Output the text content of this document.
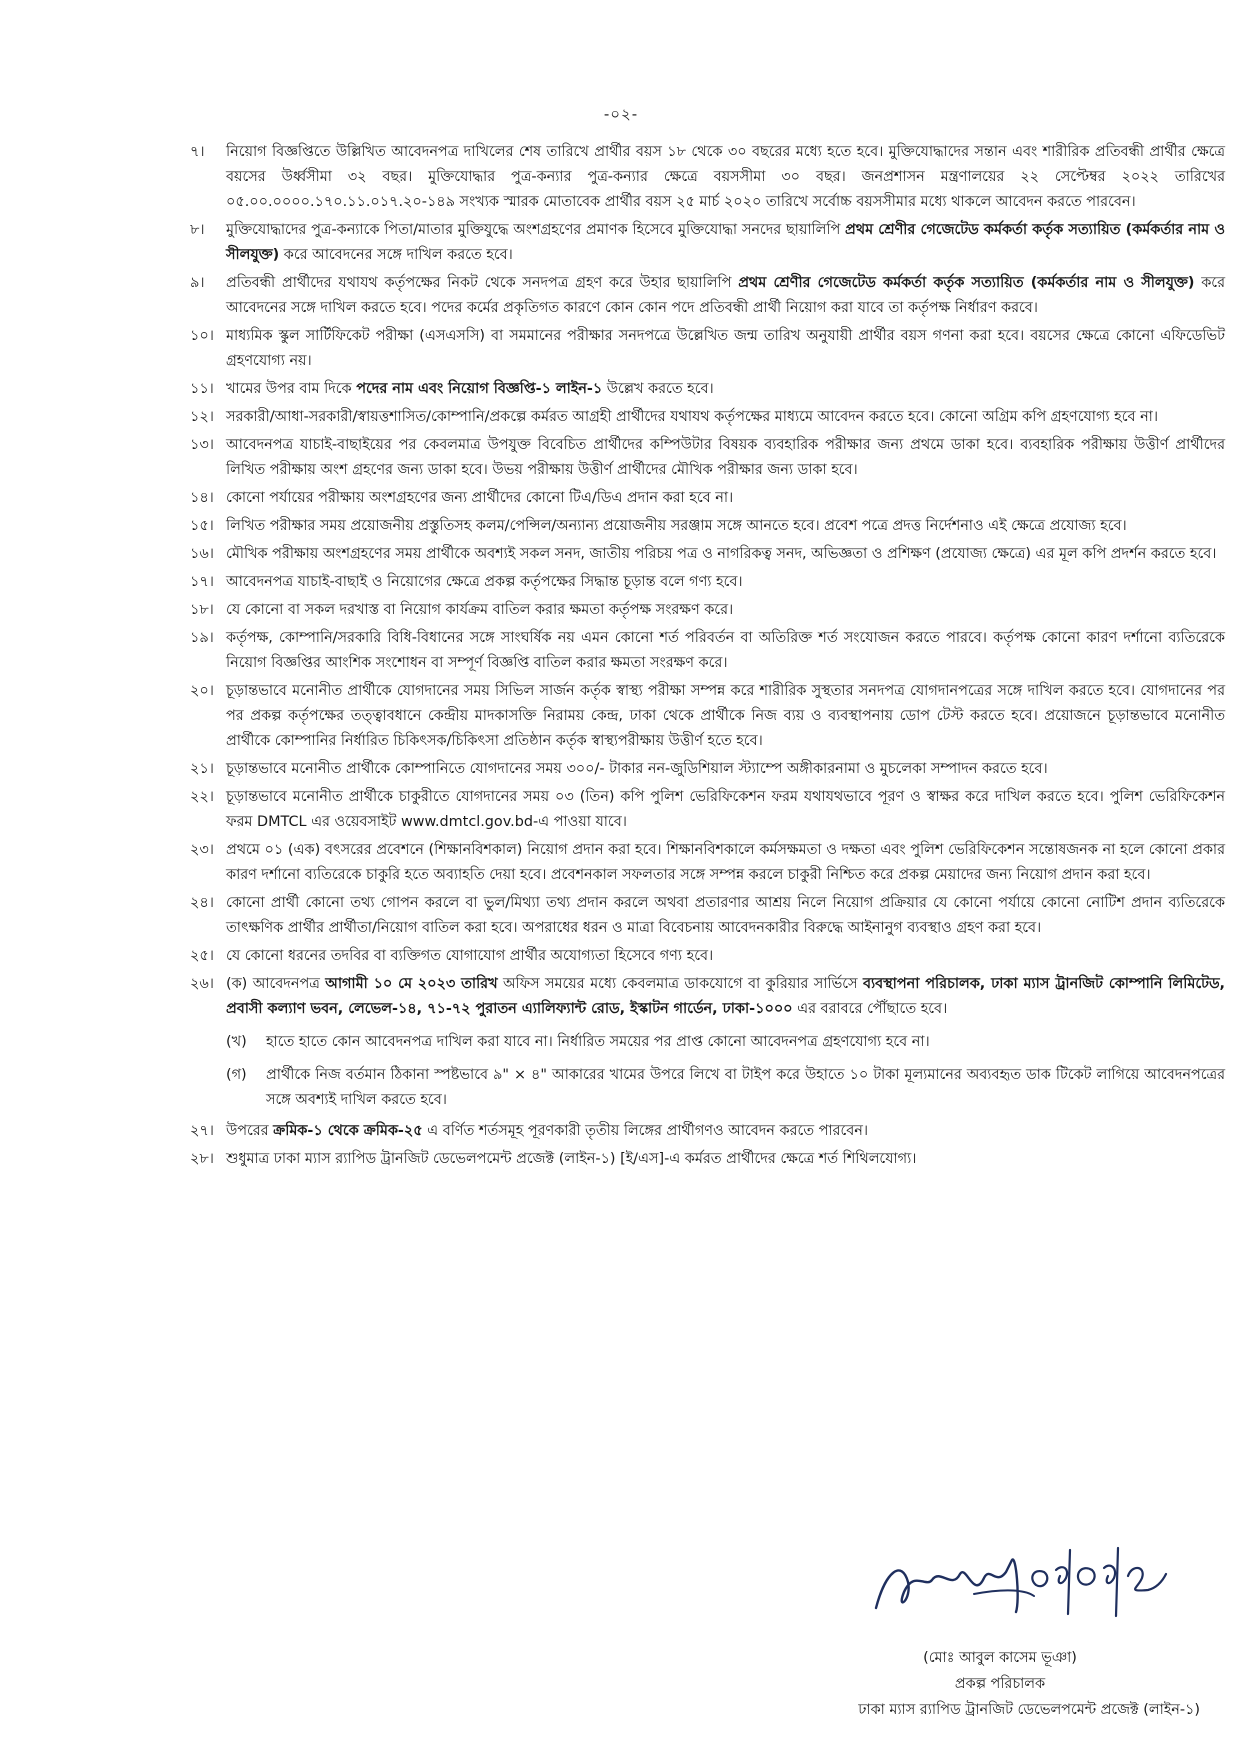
-০২-
৭।	নিয়োগ বিজ্ঞপ্তিতে উল্লিখিত আবেদনপত্র দাখিলের শেষ তারিখে প্রার্থীর বয়স ১৮ থেকে ৩০ বছরের মধ্যে হতে হবে। মুক্তিযোদ্ধাদের সন্তান এবং শারীরিক প্রতিবন্ধী প্রার্থীর ক্ষেত্রে বয়সের উর্ধ্বসীমা ৩২ বছর। মুক্তিযোদ্ধার পুত্র-কন্যার পুত্র-কন্যার ক্ষেত্রে বয়সসীমা ৩০ বছর। জনপ্রশাসন মন্ত্রণালয়ের ২২ সেপ্টেম্বর ২০২২ তারিখের ০৫.০০.০০০০.১৭০.১১.০১৭.২০-১৪৯ সংখ্যক স্মারক মোতাবেক প্রার্থীর বয়স ২৫ মার্চ ২০২০ তারিখে সর্বোচ্চ বয়সসীমার মধ্যে থাকলে আবেদন করতে পারবেন।
৮।	মুক্তিযোদ্ধাদের পুত্র-কন্যাকে পিতা/মাতার মুক্তিযুদ্ধে অংশগ্রহণের প্রমাণক হিসেবে মুক্তিযোদ্ধা সনদের ছায়ালিপি প্রথম শ্রেণীর গেজেটেড কর্মকর্তা কর্তৃক সত্যায়িত (কর্মকর্তার নাম ও সীলযুক্ত) করে আবেদনের সঙ্গে দাখিল করতে হবে।
৯।	প্রতিবন্ধী প্রার্থীদের যথাযথ কর্তৃপক্ষের নিকট থেকে সনদপত্র গ্রহণ করে উহার ছায়ালিপি প্রথম শ্রেণীর গেজেটেড কর্মকর্তা কর্তৃক সত্যায়িত (কর্মকর্তার নাম ও সীলযুক্ত) করে আবেদনের সঙ্গে দাখিল করতে হবে। পদের কর্মের প্রকৃতিগত কারণে কোন কোন পদে প্রতিবন্ধী প্রার্থী নিয়োগ করা যাবে তা কর্তৃপক্ষ নির্ধারণ করবে।
১০। মাধ্যমিক স্কুল সার্টিফিকেট পরীক্ষা (এসএসসি) বা সমমানের পরীক্ষার সনদপত্রে উল্লেখিত জন্ম তারিখ অনুযায়ী প্রার্থীর বয়স গণনা করা হবে। বয়সের ক্ষেত্রে কোনো এফিডেভিট গ্রহণযোগ্য নয়।
১১। খামের উপর বাম দিকে পদের নাম এবং নিয়োগ বিজ্ঞপ্তি-১ লাইন-১ উল্লেখ করতে হবে।
১২। সরকারী/আধা-সরকারী/স্বায়ত্তশাসিত/কোম্পানি/প্রকল্পে কর্মরত আগ্রহী প্রার্থীদের যথাযথ কর্তৃপক্ষের মাধ্যমে আবেদন করতে হবে। কোনো অগ্রিম কপি গ্রহণযোগ্য হবে না।
১৩। আবেদনপত্র যাচাই-বাছাইয়ের পর কেবলমাত্র উপযুক্ত বিবেচিত প্রার্থীদের কম্পিউটার বিষয়ক ব্যবহারিক পরীক্ষার জন্য প্রথমে ডাকা হবে। ব্যবহারিক পরীক্ষায় উত্তীর্ণ প্রার্থীদের লিখিত পরীক্ষায় অংশ গ্রহণের জন্য ডাকা হবে। উভয় পরীক্ষায় উত্তীর্ণ প্রার্থীদের মৌখিক পরীক্ষার জন্য ডাকা হবে।
১৪। কোনো পর্যায়ের পরীক্ষায় অংশগ্রহণের জন্য প্রার্থীদের কোনো টিএ/ডিএ প্রদান করা হবে না।
১৫। লিখিত পরীক্ষার সময় প্রয়োজনীয় প্রস্তুতিসহ কলম/পেন্সিল/অন্যান্য প্রয়োজনীয় সরঞ্জাম সঙ্গে আনতে হবে। প্রবেশ পত্রে প্রদত্ত নির্দেশনাও এই ক্ষেত্রে প্রযোজ্য হবে।
১৬। মৌখিক পরীক্ষায় অংশগ্রহণের সময় প্রার্থীকে অবশ্যই সকল সনদ, জাতীয় পরিচয় পত্র ও নাগরিকত্ব সনদ, অভিজ্ঞতা ও প্রশিক্ষণ (প্রযোজ্য ক্ষেত্রে) এর মূল কপি প্রদর্শন করতে হবে।
১৭। আবেদনপত্র যাচাই-বাছাই ও নিয়োগের ক্ষেত্রে প্রকল্প কর্তৃপক্ষের সিদ্ধান্ত চূড়ান্ত বলে গণ্য হবে।
১৮। যে কোনো বা সকল দরখাস্ত বা নিয়োগ কার্যক্রম বাতিল করার ক্ষমতা কর্তৃপক্ষ সংরক্ষণ করে।
১৯। কর্তৃপক্ষ, কোম্পানি/সরকারি বিধি-বিধানের সঙ্গে সাংঘর্ষিক নয় এমন কোনো শর্ত পরিবর্তন বা অতিরিক্ত শর্ত সংযোজন করতে পারবে। কর্তৃপক্ষ কোনো কারণ দর্শানো ব্যতিরেকে নিয়োগ বিজ্ঞপ্তির আংশিক সংশোধন বা সম্পূর্ণ বিজ্ঞপ্তি বাতিল করার ক্ষমতা সংরক্ষণ করে।
২০। চূড়ান্তভাবে মনোনীত প্রার্থীকে যোগদানের সময় সিভিল সার্জন কর্তৃক স্বাস্থ্য পরীক্ষা সম্পন্ন করে শারীরিক সুস্থতার সনদপত্র যোগদানপত্রের সঙ্গে দাখিল করতে হবে। যোগদানের পর পর প্রকল্প কর্তৃপক্ষের তত্ত্বাবধানে কেন্দ্রীয় মাদকাসক্তি নিরাময় কেন্দ্র, ঢাকা থেকে প্রার্থীকে নিজ ব্যয় ও ব্যবস্থাপনায় ডোপ টেস্ট করতে হবে। প্রয়োজনে চূড়ান্তভাবে মনোনীত প্রার্থীকে কোম্পানির নির্ধারিত চিকিৎসক/চিকিৎসা প্রতিষ্ঠান কর্তৃক স্বাস্থ্যপরীক্ষায় উত্তীর্ণ হতে হবে।
২১। চূড়ান্তভাবে মনোনীত প্রার্থীকে কোম্পানিতে যোগদানের সময় ৩০০/- টাকার নন-জুডিশিয়াল স্ট্যাম্পে অঙ্গীকারনামা ও মুচলেকা সম্পাদন করতে হবে।
২২। চূড়ান্তভাবে মনোনীত প্রার্থীকে চাকুরীতে যোগদানের সময় ০৩ (তিন) কপি পুলিশ ভেরিফিকেশন ফরম যথাযথভাবে পূরণ ও স্বাক্ষর করে দাখিল করতে হবে। পুলিশ ভেরিফিকেশন ফরম DMTCL এর ওয়েবসাইট www.dmtcl.gov.bd-এ পাওয়া যাবে।
২৩। প্রথমে ০১ (এক) বৎসরের প্রবেশনে (শিক্ষানবিশকাল) নিয়োগ প্রদান করা হবে। শিক্ষানবিশকালে কর্মসক্ষমতা ও দক্ষতা এবং পুলিশ ভেরিফিকেশন সন্তোষজনক না হলে কোনো প্রকার কারণ দর্শানো ব্যতিরেকে চাকুরি হতে অব্যাহতি দেয়া হবে। প্রবেশনকাল সফলতার সঙ্গে সম্পন্ন করলে চাকুরী নিশ্চিত করে প্রকল্প মেয়াদের জন্য নিয়োগ প্রদান করা হবে।
২৪। কোনো প্রার্থী কোনো তথ্য গোপন করলে বা ভুল/মিথ্যা তথ্য প্রদান করলে অথবা প্রতারণার আশ্রয় নিলে নিয়োগ প্রক্রিয়ার যে কোনো পর্যায়ে কোনো নোটিশ প্রদান ব্যতিরেকে তাৎক্ষণিক প্রার্থীর প্রার্থীতা/নিয়োগ বাতিল করা হবে। অপরাধের ধরন ও মাত্রা বিবেচনায় আবেদনকারীর বিরুদ্ধে আইনানুগ ব্যবস্থাও গ্রহণ করা হবে।
২৫। যে কোনো ধরনের তদবির বা ব্যক্তিগত যোগাযোগ প্রার্থীর অযোগ্যতা হিসেবে গণ্য হবে।
২৬। (ক) আবেদনপত্র আগামী ১০ মে ২০২৩ তারিখ অফিস সময়ের মধ্যে কেবলমাত্র ডাকযোগে বা কুরিয়ার সার্ভিসে ব্যবস্থাপনা পরিচালক, ঢাকা ম্যাস ট্রানজিট কোম্পানি লিমিটেড, প্রবাসী কল্যাণ ভবন, লেভেল-১৪, ৭১-৭২ পুরাতন এ্যালিফ্যান্ট রোড, ইস্কাটন গার্ডেন, ঢাকা-১০০০ এর বরাবরে পৌঁছাতে হবে।
(খ)	হাতে হাতে কোন আবেদনপত্র দাখিল করা যাবে না। নির্ধারিত সময়ের পর প্রাপ্ত কোনো আবেদনপত্র গ্রহণযোগ্য হবে না।
(গ)	প্রার্থীকে নিজ বর্তমান ঠিকানা স্পষ্টভাবে ৯" × ৪" আকারের খামের উপরে লিখে বা টাইপ করে উহাতে ১০ টাকা মূল্যমানের অব্যবহৃত ডাক টিকেট লাগিয়ে আবেদনপত্রের সঙ্গে অবশ্যই দাখিল করতে হবে।
২৭। উপরের ক্রমিক-১ থেকে ক্রমিক-২৫ এ বর্ণিত শর্তসমূহ পূরণকারী তৃতীয় লিঙ্গের প্রার্থীগণও আবেদন করতে পারবেন।
২৮। শুধুমাত্র ঢাকা ম্যাস র‍্যাপিড ট্রানজিট ডেভেলপমেন্ট প্রজেক্ট (লাইন-১) [ই/এস]-এ কর্মরত প্রার্থীদের ক্ষেত্রে শর্ত শিথিলযোগ্য।
(মোঃ আবুল কাসেম ভূঞা)
প্রকল্প পরিচালক
ঢাকা ম্যাস র‍্যাপিড ট্রানজিট ডেভেলপমেন্ট প্রজেক্ট (লাইন-১)
